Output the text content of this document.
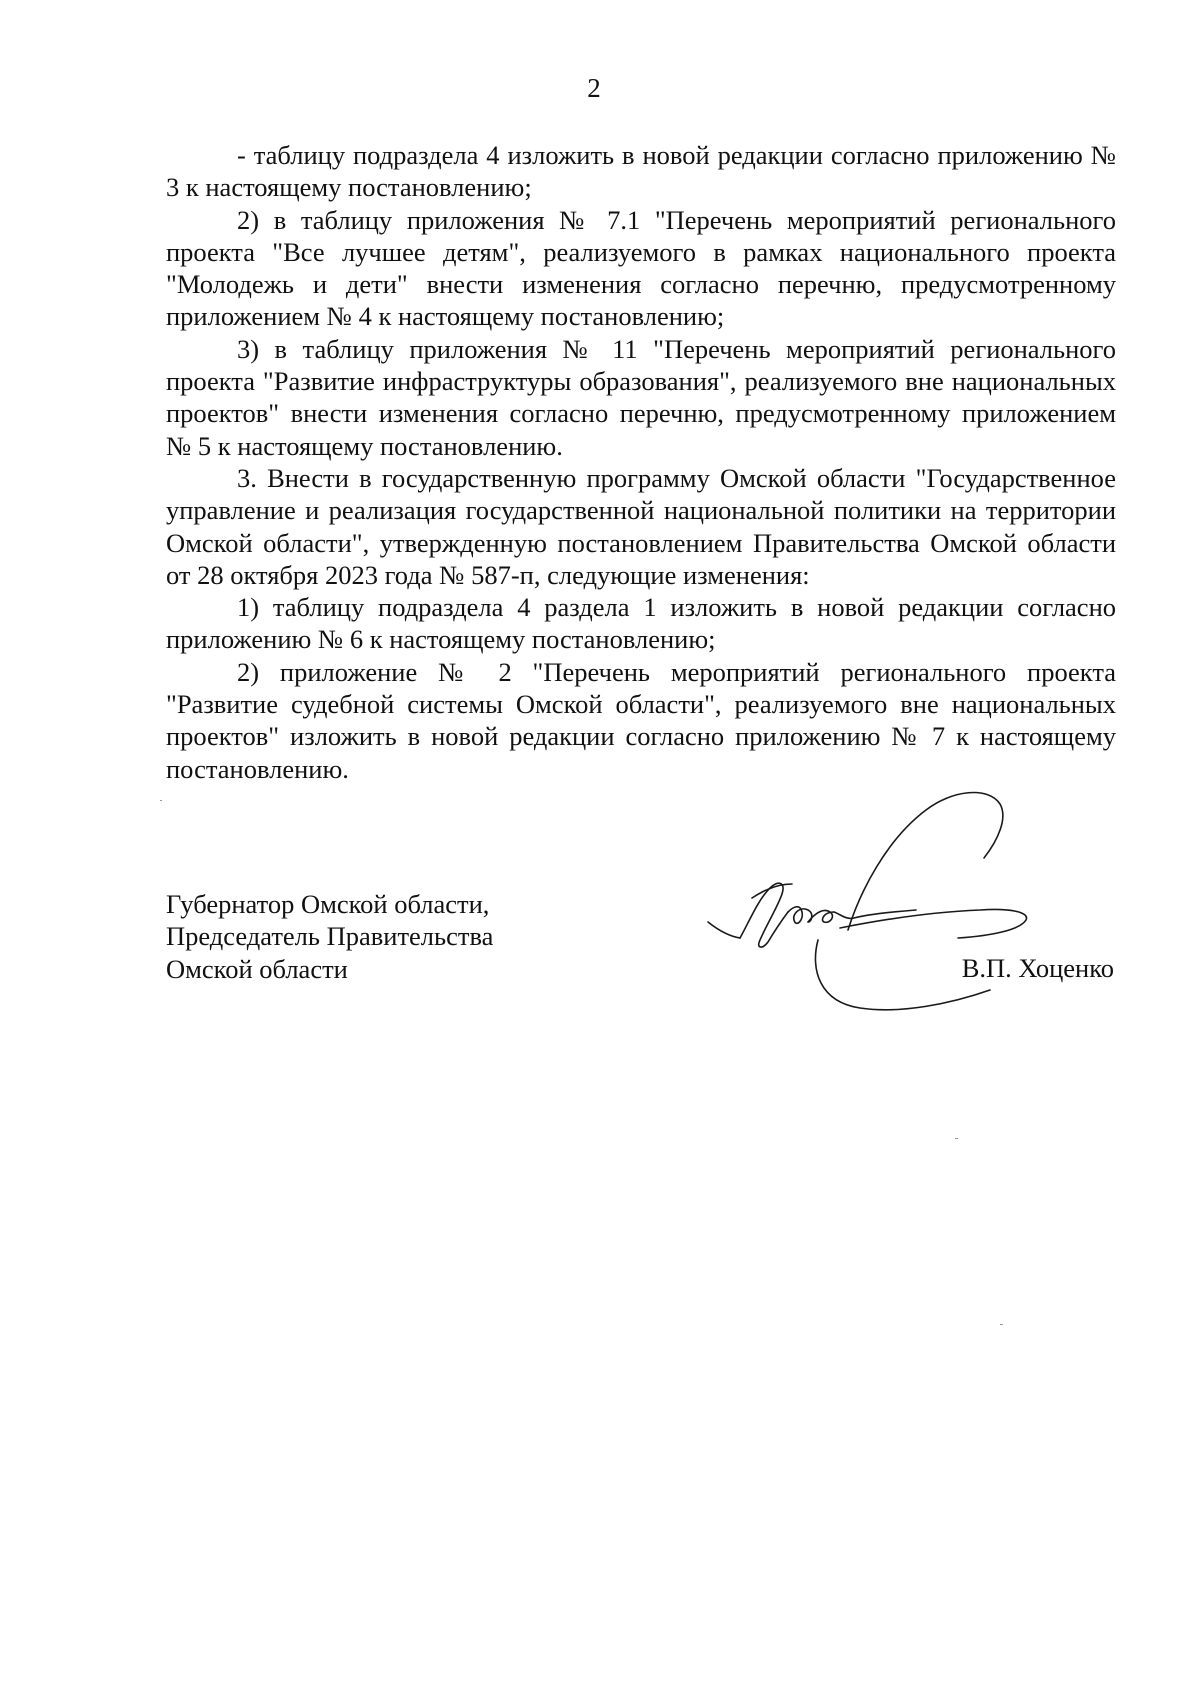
2

- таблицу подраздела 4 изложить в новой редакции согласно приложению № 3 к настоящему постановлению;

2) в таблицу приложения № 7.1 "Перечень мероприятий регионального проекта "Все лучшее детям", реализуемого в рамках национального проекта "Молодежь и дети" внести изменения согласно перечню, предусмотренному приложением № 4 к настоящему постановлению;

3) в таблицу приложения № 11 "Перечень мероприятий регионального проекта "Развитие инфраструктуры образования", реализуемого вне национальных проектов" внести изменения согласно перечню, предусмотренному приложением № 5 к настоящему постановлению.

3. Внести в государственную программу Омской области "Государственное управление и реализация государственной национальной политики на территории Омской области", утвержденную постановлением Правительства Омской области от 28 октября 2023 года № 587-п, следующие изменения:

1) таблицу подраздела 4 раздела 1 изложить в новой редакции согласно приложению № 6 к настоящему постановлению;

2) приложение № 2 "Перечень мероприятий регионального проекта "Развитие судебной системы Омской области", реализуемого вне национальных проектов" изложить в новой редакции согласно приложению № 7 к настоящему постановлению.

Губернатор Омской области,
Председатель Правительства
Омской области	В.П. Хоценко
